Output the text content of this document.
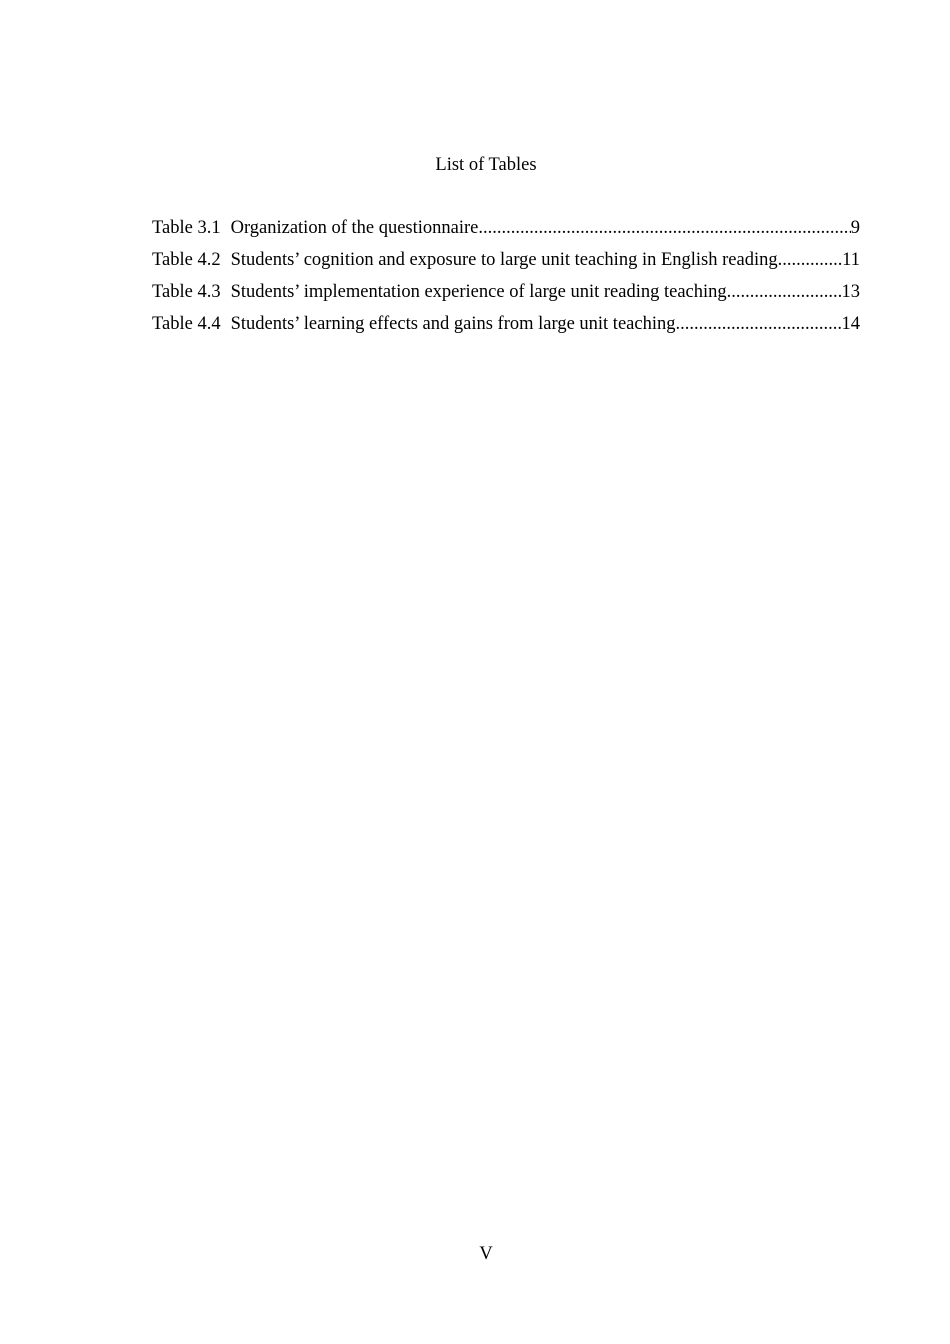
List of Tables
Table 3.1 Organization of the questionnaire .....	9
Table 4.2 Students’ cognition and exposure to large unit teaching in English reading .....	11
Table 4.3 Students’ implementation experience of large unit reading teaching .....	13
Table 4.4 Students’ learning effects and gains from large unit teaching .....	14
V
